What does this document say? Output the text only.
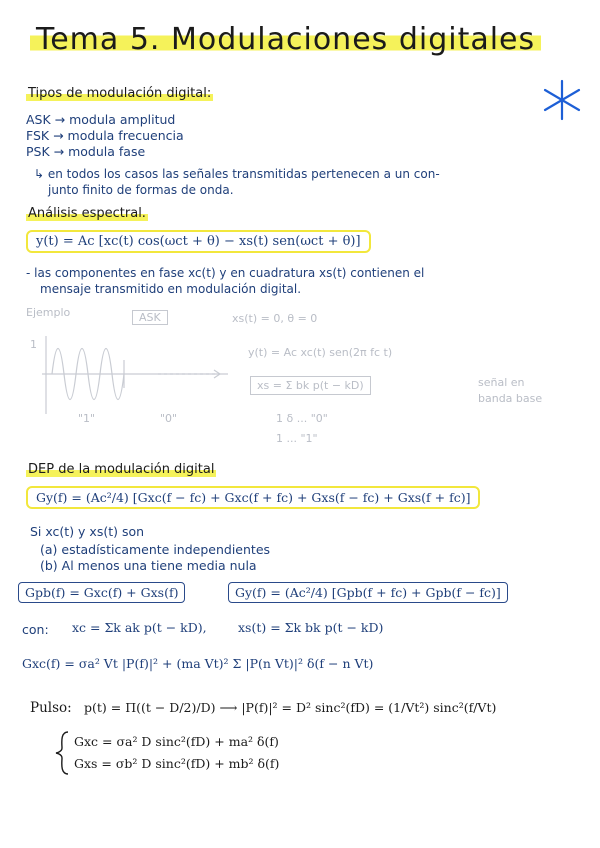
Tema 5. Modulaciones digitales
Tipos de modulación digital:
ASK → modula amplitud
FSK → modula frecuencia
PSK → modula fase
↳ en todos los casos las señales transmitidas pertenecen a un con-
junto finito de formas de onda.
Análisis espectral.
y(t) = Ac [xc(t) cos(ωct + θ) − xs(t) sen(ωct + θ)]
- las componentes en fase xc(t) y en cuadratura xs(t) contienen el
mensaje transmitido en modulación digital.
Ejemplo	ASK	xs(t) = 0, θ = 0
y(t) = Ac xc(t) sen(2π fc t)
xs = Σ bk p(t − kD)	señal en
banda base
1
"1"	"0"	1 δ ... "0"
1 ... "1"
DEP de la modulación digital
Gy(f) = (Ac²/4) [Gxc(f − fc) + Gxc(f + fc) + Gxs(f − fc) + Gxs(f + fc)]
Si xc(t) y xs(t) son
(a) estadísticamente independientes
(b) Al menos una tiene media nula
Gpb(f) = Gxc(f) + Gxs(f)	Gy(f) = (Ac²/4) [Gpb(f + fc) + Gpb(f − fc)]
con: xc = Σk ak p(t − kD),	xs(t) = Σk bk p(t − kD)
Gxc(f) = σa² Vt |P(f)|² + (ma Vt)² Σ |P(n Vt)|² δ(f − n Vt)
Pulso: p(t) = Π((t − D/2)/D) ⟶ |P(f)|² = D² sinc²(fD) = (1/Vt²) sinc²(f/Vt)
Gxc = σa² D sinc²(fD) + ma² δ(f)
Gxs = σb² D sinc²(fD) + mb² δ(f)
